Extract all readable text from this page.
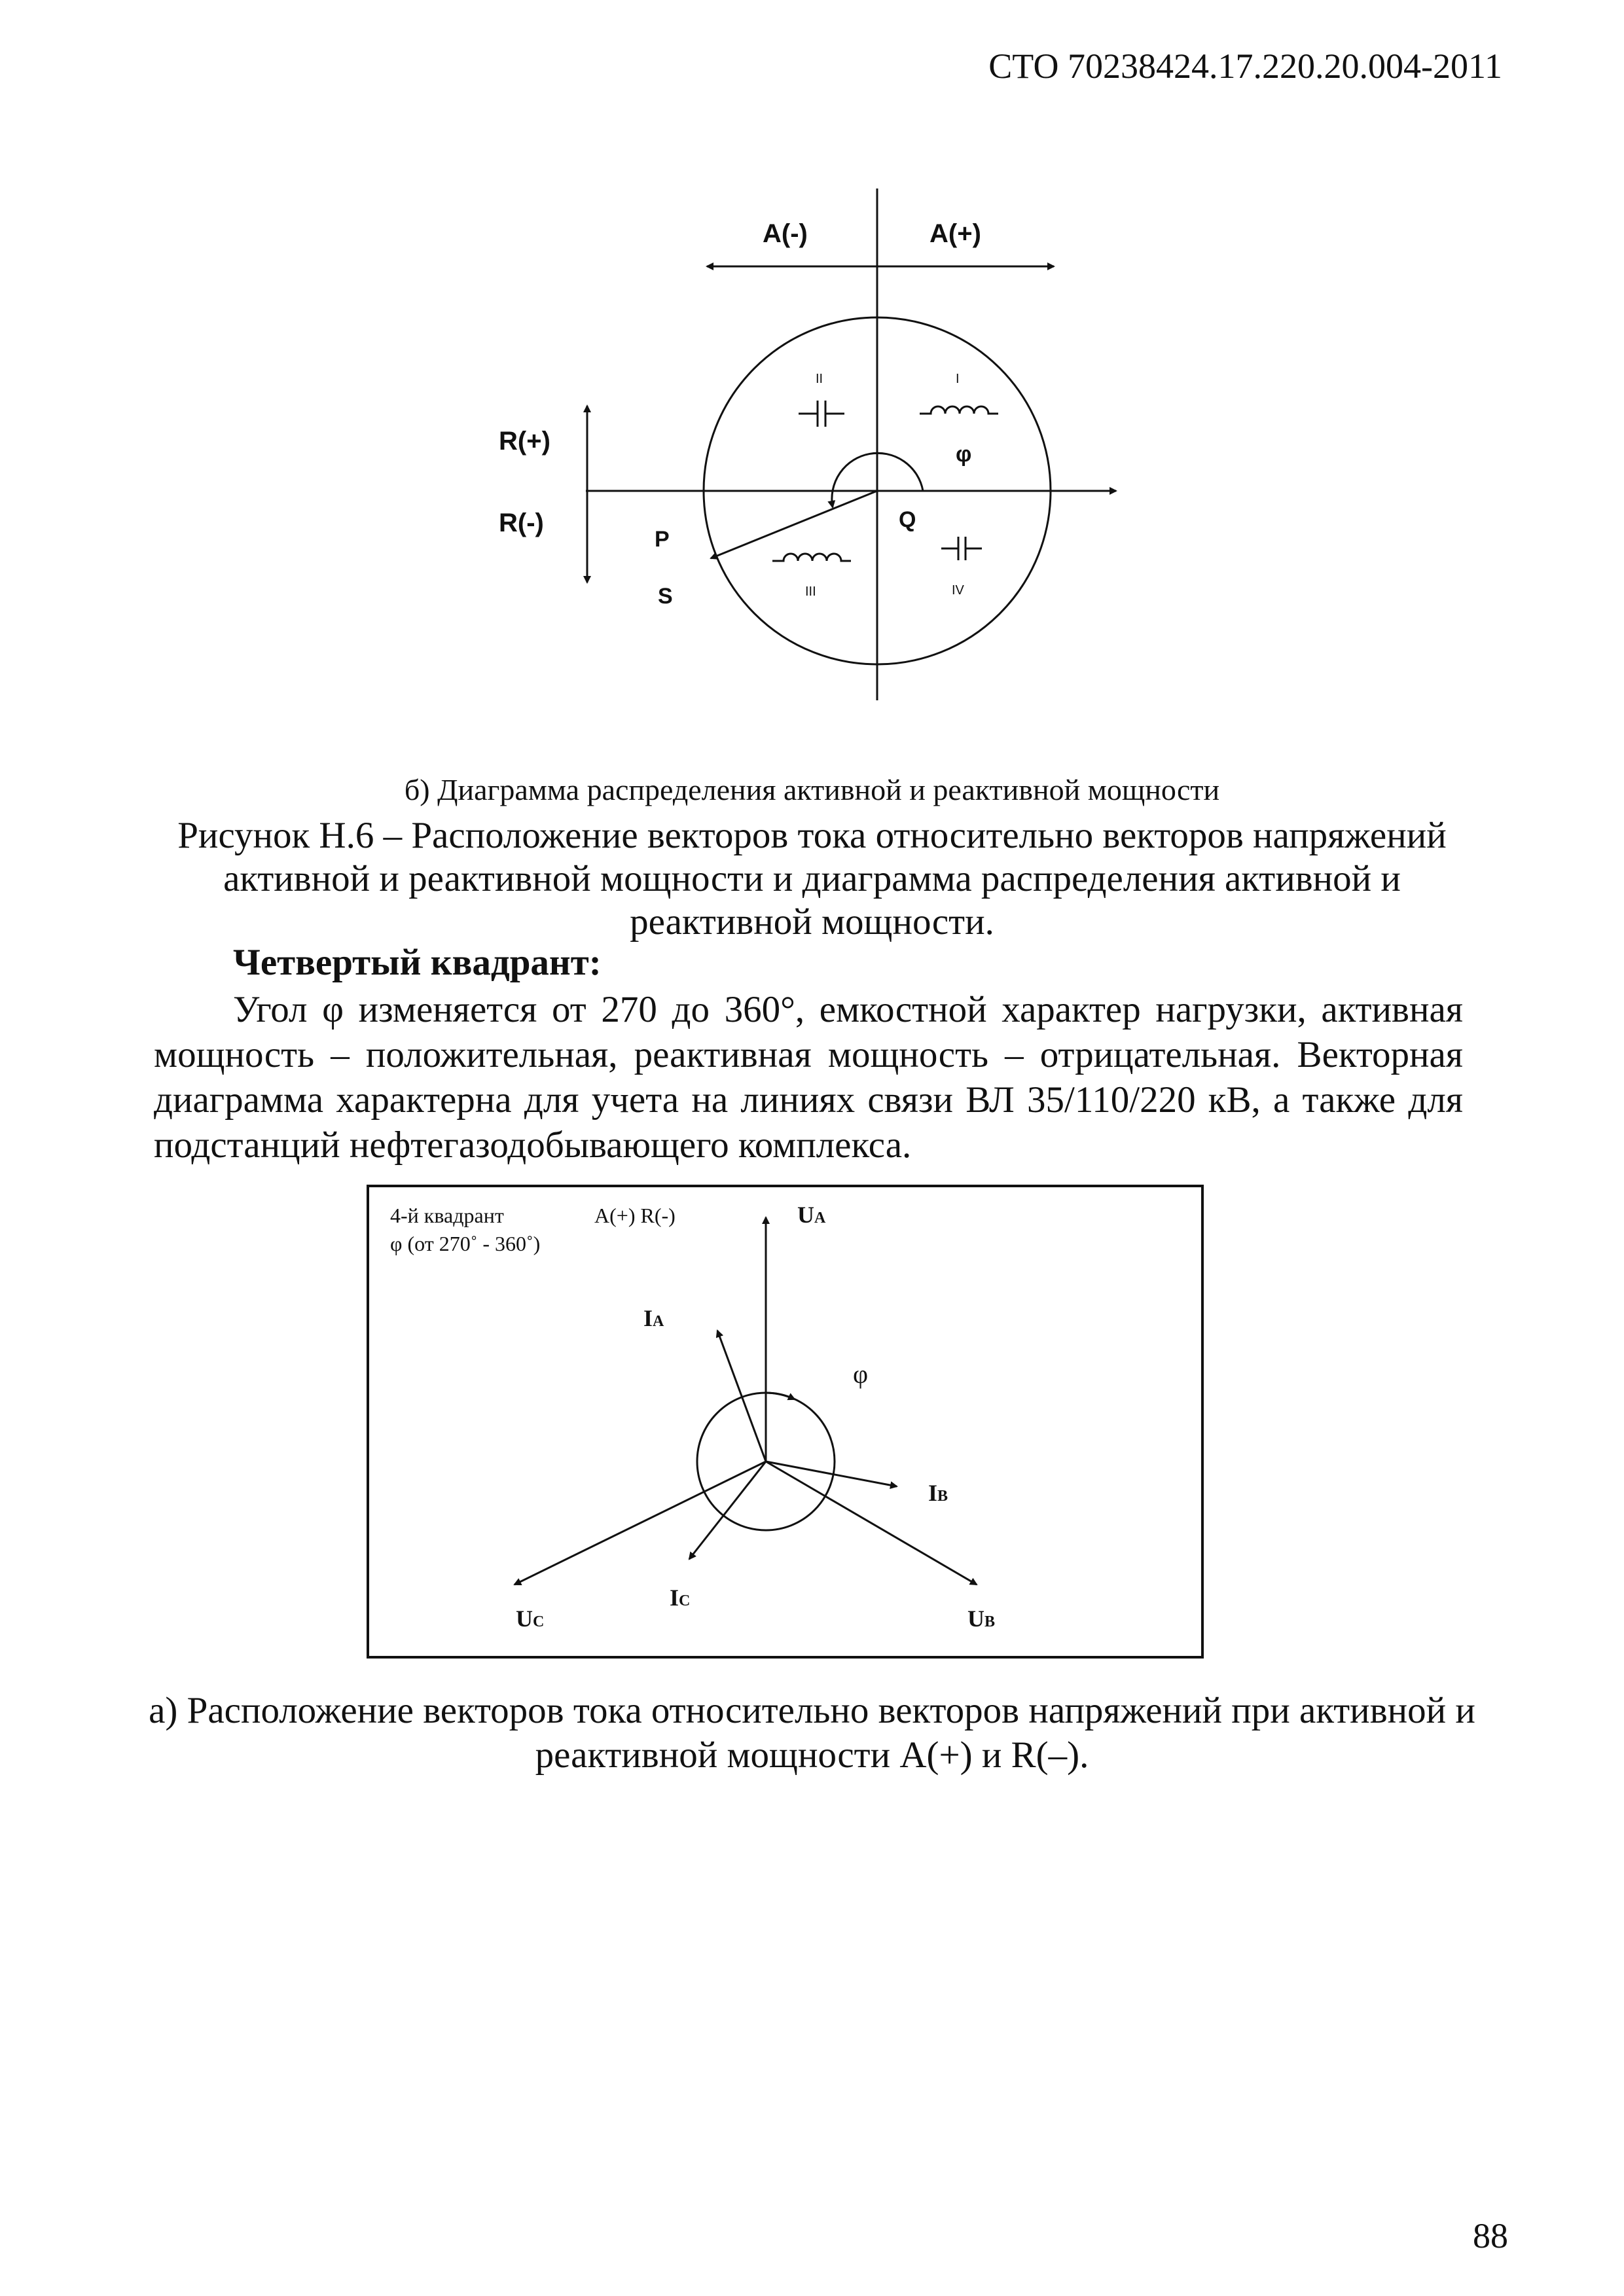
СТО 70238424.17.220.20.004-2011
A(-)	A(+)
R(+)
R(-)
P
S
Q
φ
II	I
III	IV
б) Диаграмма распределения активной и реактивной мощности
Рисунок Н.6 – Расположение векторов тока относительно векторов напряжений активной и реактивной мощности и диаграмма распределения активной и реактивной мощности.
Четвертый квадрант:
Угол φ изменяется от 270 до 360°, емкостной характер нагрузки, активная мощность – положительная, реактивная мощность – отрицательная. Векторная диаграмма характерна для учета на линиях связи ВЛ 35/110/220 кВ, а также для подстанций нефтегазодобывающего комплекса.
4-й квадрант
φ (от 270˚ - 360˚)
A(+) R(-)
φ
UA
IA
IB
IC
UC	UB
а) Расположение векторов тока относительно векторов напряжений при активной и реактивной мощности A(+) и R(–).
88
